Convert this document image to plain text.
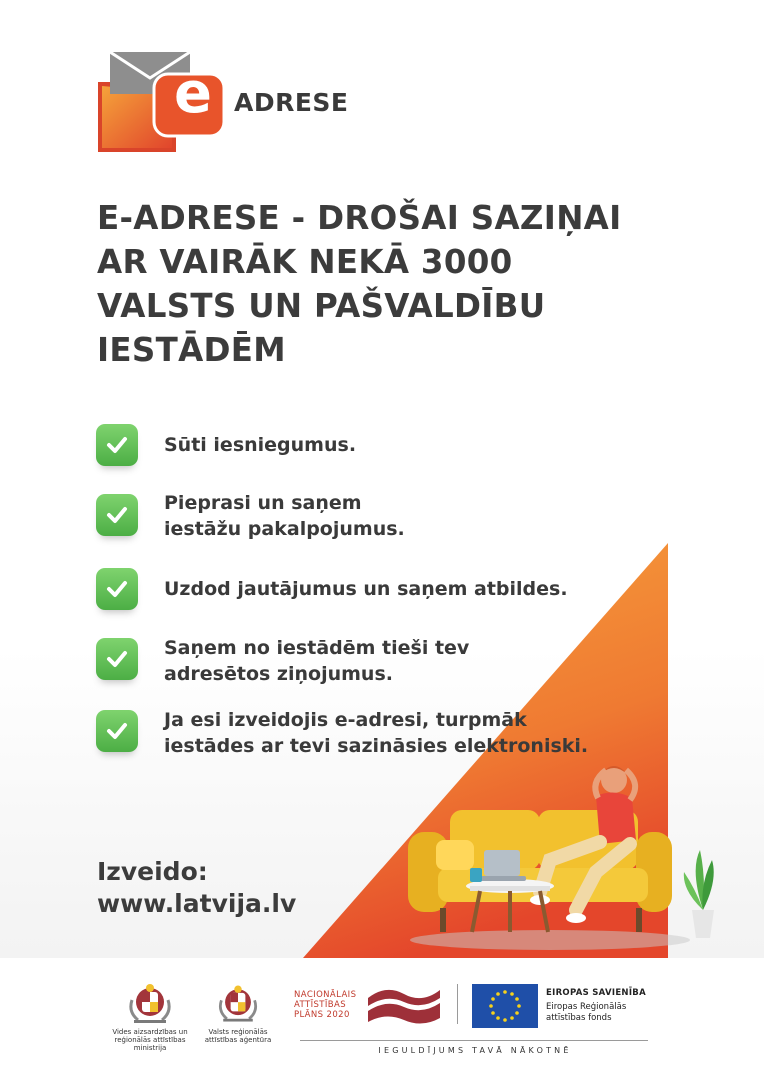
e ADRESE
E-ADRESE - DROŠAI SAZIŅAI
AR VAIRĀK NEKĀ 3000
VALSTS UN PAŠVALDĪBU
IESTĀDĒM
Sūti iesniegumus.
Pieprasi un saņem
iestāžu pakalpojumus.
Uzdod jautājumus un saņem atbildes.
Saņem no iestādēm tieši tev
adresētos ziņojumus.
Ja esi izveidojis e-adresi, turpmāk
iestādes ar tevi sazināsies elektroniski.
Izveido:
www.latvija.lv
Vides aizsardzības un
reģionālās attīstības
ministrija
Valsts reģionālās
attīstības aģentūra
NACIONĀLAIS
ATTĪSTĪBAS
PLĀNS 2020
EIROPAS SAVIENĪBA
Eiropas Reģionālās
attīstības fonds
IEGULDĪJUMS TAVĀ NĀKOTNĒ
